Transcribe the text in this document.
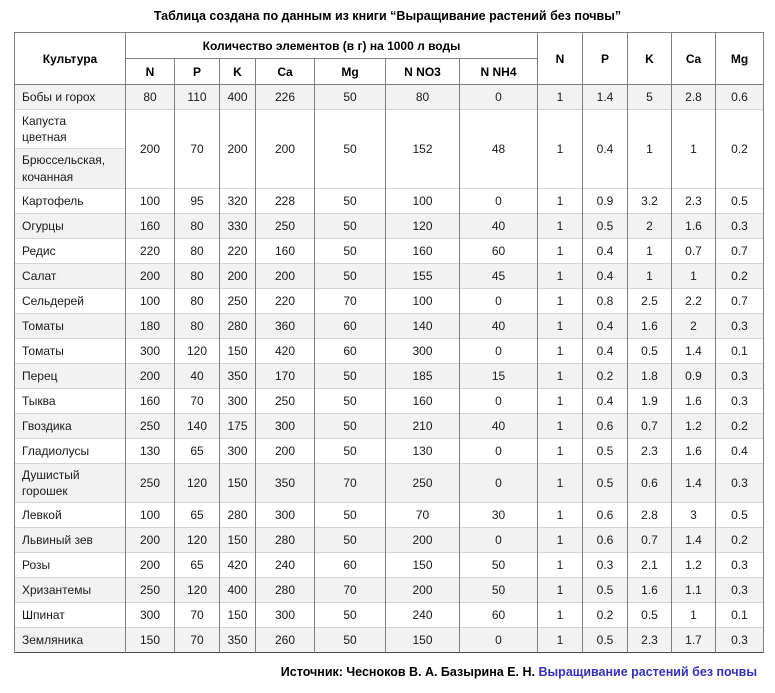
Таблица создана по данным из книги “Выращивание растений без почвы”
Культура	Количество элементов (в г) на 1000 л воды							N	P	K	Ca	Mg
	N	P	K	Ca	Mg	N NO3	N NH4					
Бобы и горох	80	110	400	226	50	80	0	1	1.4	5	2.8	0.6
Капуста цветная	200	70	200	200	50	152	48	1	0.4	1	1	0.2
Брюссельская, кочанная												
Картофель	100	95	320	228	50	100	0	1	0.9	3.2	2.3	0.5
Огурцы	160	80	330	250	50	120	40	1	0.5	2	1.6	0.3
Редис	220	80	220	160	50	160	60	1	0.4	1	0.7	0.7
Салат	200	80	200	200	50	155	45	1	0.4	1	1	0.2
Сельдерей	100	80	250	220	70	100	0	1	0.8	2.5	2.2	0.7
Томаты	180	80	280	360	60	140	40	1	0.4	1.6	2	0.3
Томаты	300	120	150	420	60	300	0	1	0.4	0.5	1.4	0.1
Перец	200	40	350	170	50	185	15	1	0.2	1.8	0.9	0.3
Тыква	160	70	300	250	50	160	0	1	0.4	1.9	1.6	0.3
Гвоздика	250	140	175	300	50	210	40	1	0.6	0.7	1.2	0.2
Гладиолусы	130	65	300	200	50	130	0	1	0.5	2.3	1.6	0.4
Душистый горошек	250	120	150	350	70	250	0	1	0.5	0.6	1.4	0.3
Левкой	100	65	280	300	50	70	30	1	0.6	2.8	3	0.5
Львиный зев	200	120	150	280	50	200	0	1	0.6	0.7	1.4	0.2
Розы	200	65	420	240	60	150	50	1	0.3	2.1	1.2	0.3
Хризантемы	250	120	400	280	70	200	50	1	0.5	1.6	1.1	0.3
Шпинат	300	70	150	300	50	240	60	1	0.2	0.5	1	0.1
Земляника	150	70	350	260	50	150	0	1	0.5	2.3	1.7	0.3
Источник: Чесноков В. А. Базырина Е. Н. Выращивание растений без почвы
